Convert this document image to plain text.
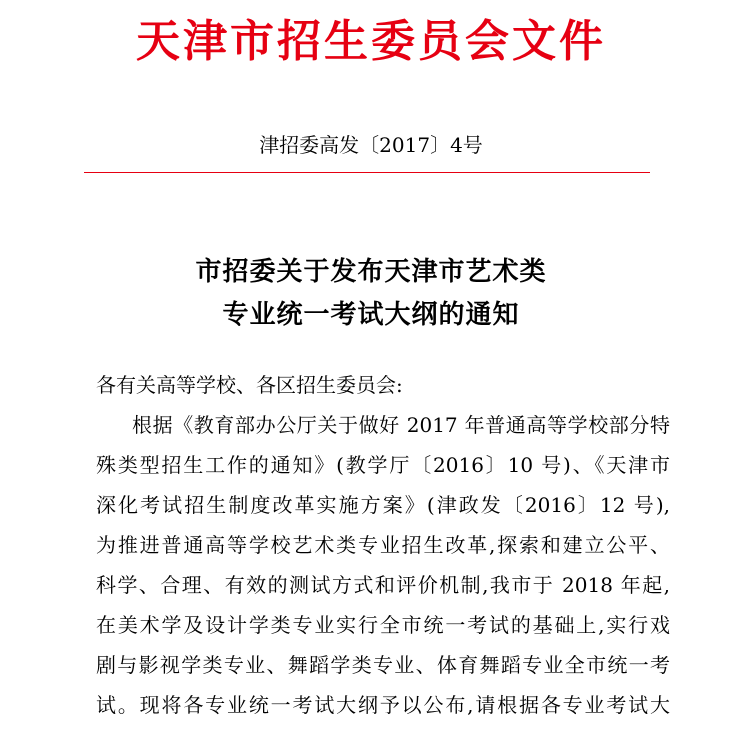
天津市招生委员会文件
津招委高发〔2017〕4号
市招委关于发布天津市艺术类
专业统一考试大纲的通知
各有关高等学校、各区招生委员会:
根据《教育部办公厅关于做好 2017 年普通高等学校部分特
殊类型招生工作的通知》(教学厅〔2016〕10 号)、《天津市
深化考试招生制度改革实施方案》(津政发〔2016〕12 号),
为推进普通高等学校艺术类专业招生改革,探索和建立公平、
科学、合理、有效的测试方式和评价机制,我市于 2018 年起,
在美术学及设计学类专业实行全市统一考试的基础上,实行戏
剧与影视学类专业、舞蹈学类专业、体育舞蹈专业全市统一考
试。现将各专业统一考试大纲予以公布,请根据各专业考试大
